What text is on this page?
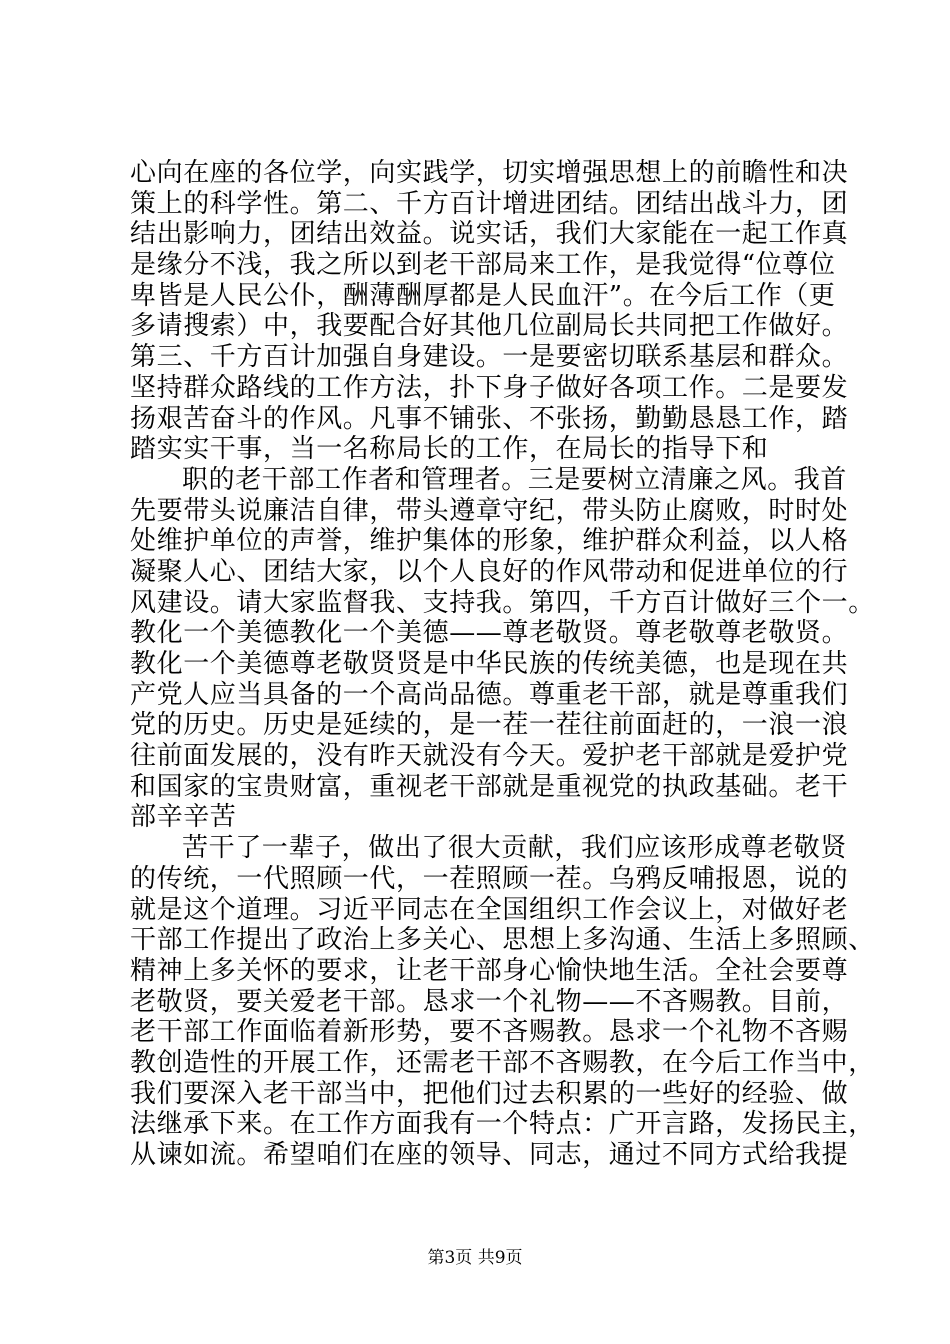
心向在座的各位学，向实践学，切实增强思想上的前瞻性和决
策上的科学性。第二、千方百计增进团结。团结出战斗力，团
结出影响力，团结出效益。说实话，我们大家能在一起工作真
是缘分不浅，我之所以到老干部局来工作，是我觉得“位尊位
卑皆是人民公仆，酬薄酬厚都是人民血汗”。在今后工作（更
多请搜索）中，我要配合好其他几位副局长共同把工作做好。
第三、千方百计加强自身建设。一是要密切联系基层和群众。
坚持群众路线的工作方法，扑下身子做好各项工作。二是要发
扬艰苦奋斗的作风。凡事不铺张、不张扬，勤勤恳恳工作，踏
踏实实干事，当一名称局长的工作，在局长的指导下和
职的老干部工作者和管理者。三是要树立清廉之风。我首
先要带头说廉洁自律，带头遵章守纪，带头防止腐败，时时处
处维护单位的声誉，维护集体的形象，维护群众利益，以人格
凝聚人心、团结大家，以个人良好的作风带动和促进单位的行
风建设。请大家监督我、支持我。第四，千方百计做好三个一。
教化一个美德教化一个美德——尊老敬贤。尊老敬尊老敬贤。
教化一个美德尊老敬贤贤是中华民族的传统美德，也是现在共
产党人应当具备的一个高尚品德。尊重老干部，就是尊重我们
党的历史。历史是延续的，是一茬一茬往前面赶的，一浪一浪
往前面发展的，没有昨天就没有今天。爱护老干部就是爱护党
和国家的宝贵财富，重视老干部就是重视党的执政基础。老干
部辛辛苦
苦干了一辈子，做出了很大贡献，我们应该形成尊老敬贤
的传统，一代照顾一代，一茬照顾一茬。乌鸦反哺报恩，说的
就是这个道理。习近平同志在全国组织工作会议上，对做好老
干部工作提出了政治上多关心、思想上多沟通、生活上多照顾、
精神上多关怀的要求，让老干部身心愉快地生活。全社会要尊
老敬贤，要关爱老干部。恳求一个礼物——不吝赐教。目前，
老干部工作面临着新形势，要不吝赐教。恳求一个礼物不吝赐
教创造性的开展工作，还需老干部不吝赐教，在今后工作当中，
我们要深入老干部当中，把他们过去积累的一些好的经验、做
法继承下来。在工作方面我有一个特点：广开言路，发扬民主，
从谏如流。希望咱们在座的领导、同志，通过不同方式给我提
第3页 共9页
